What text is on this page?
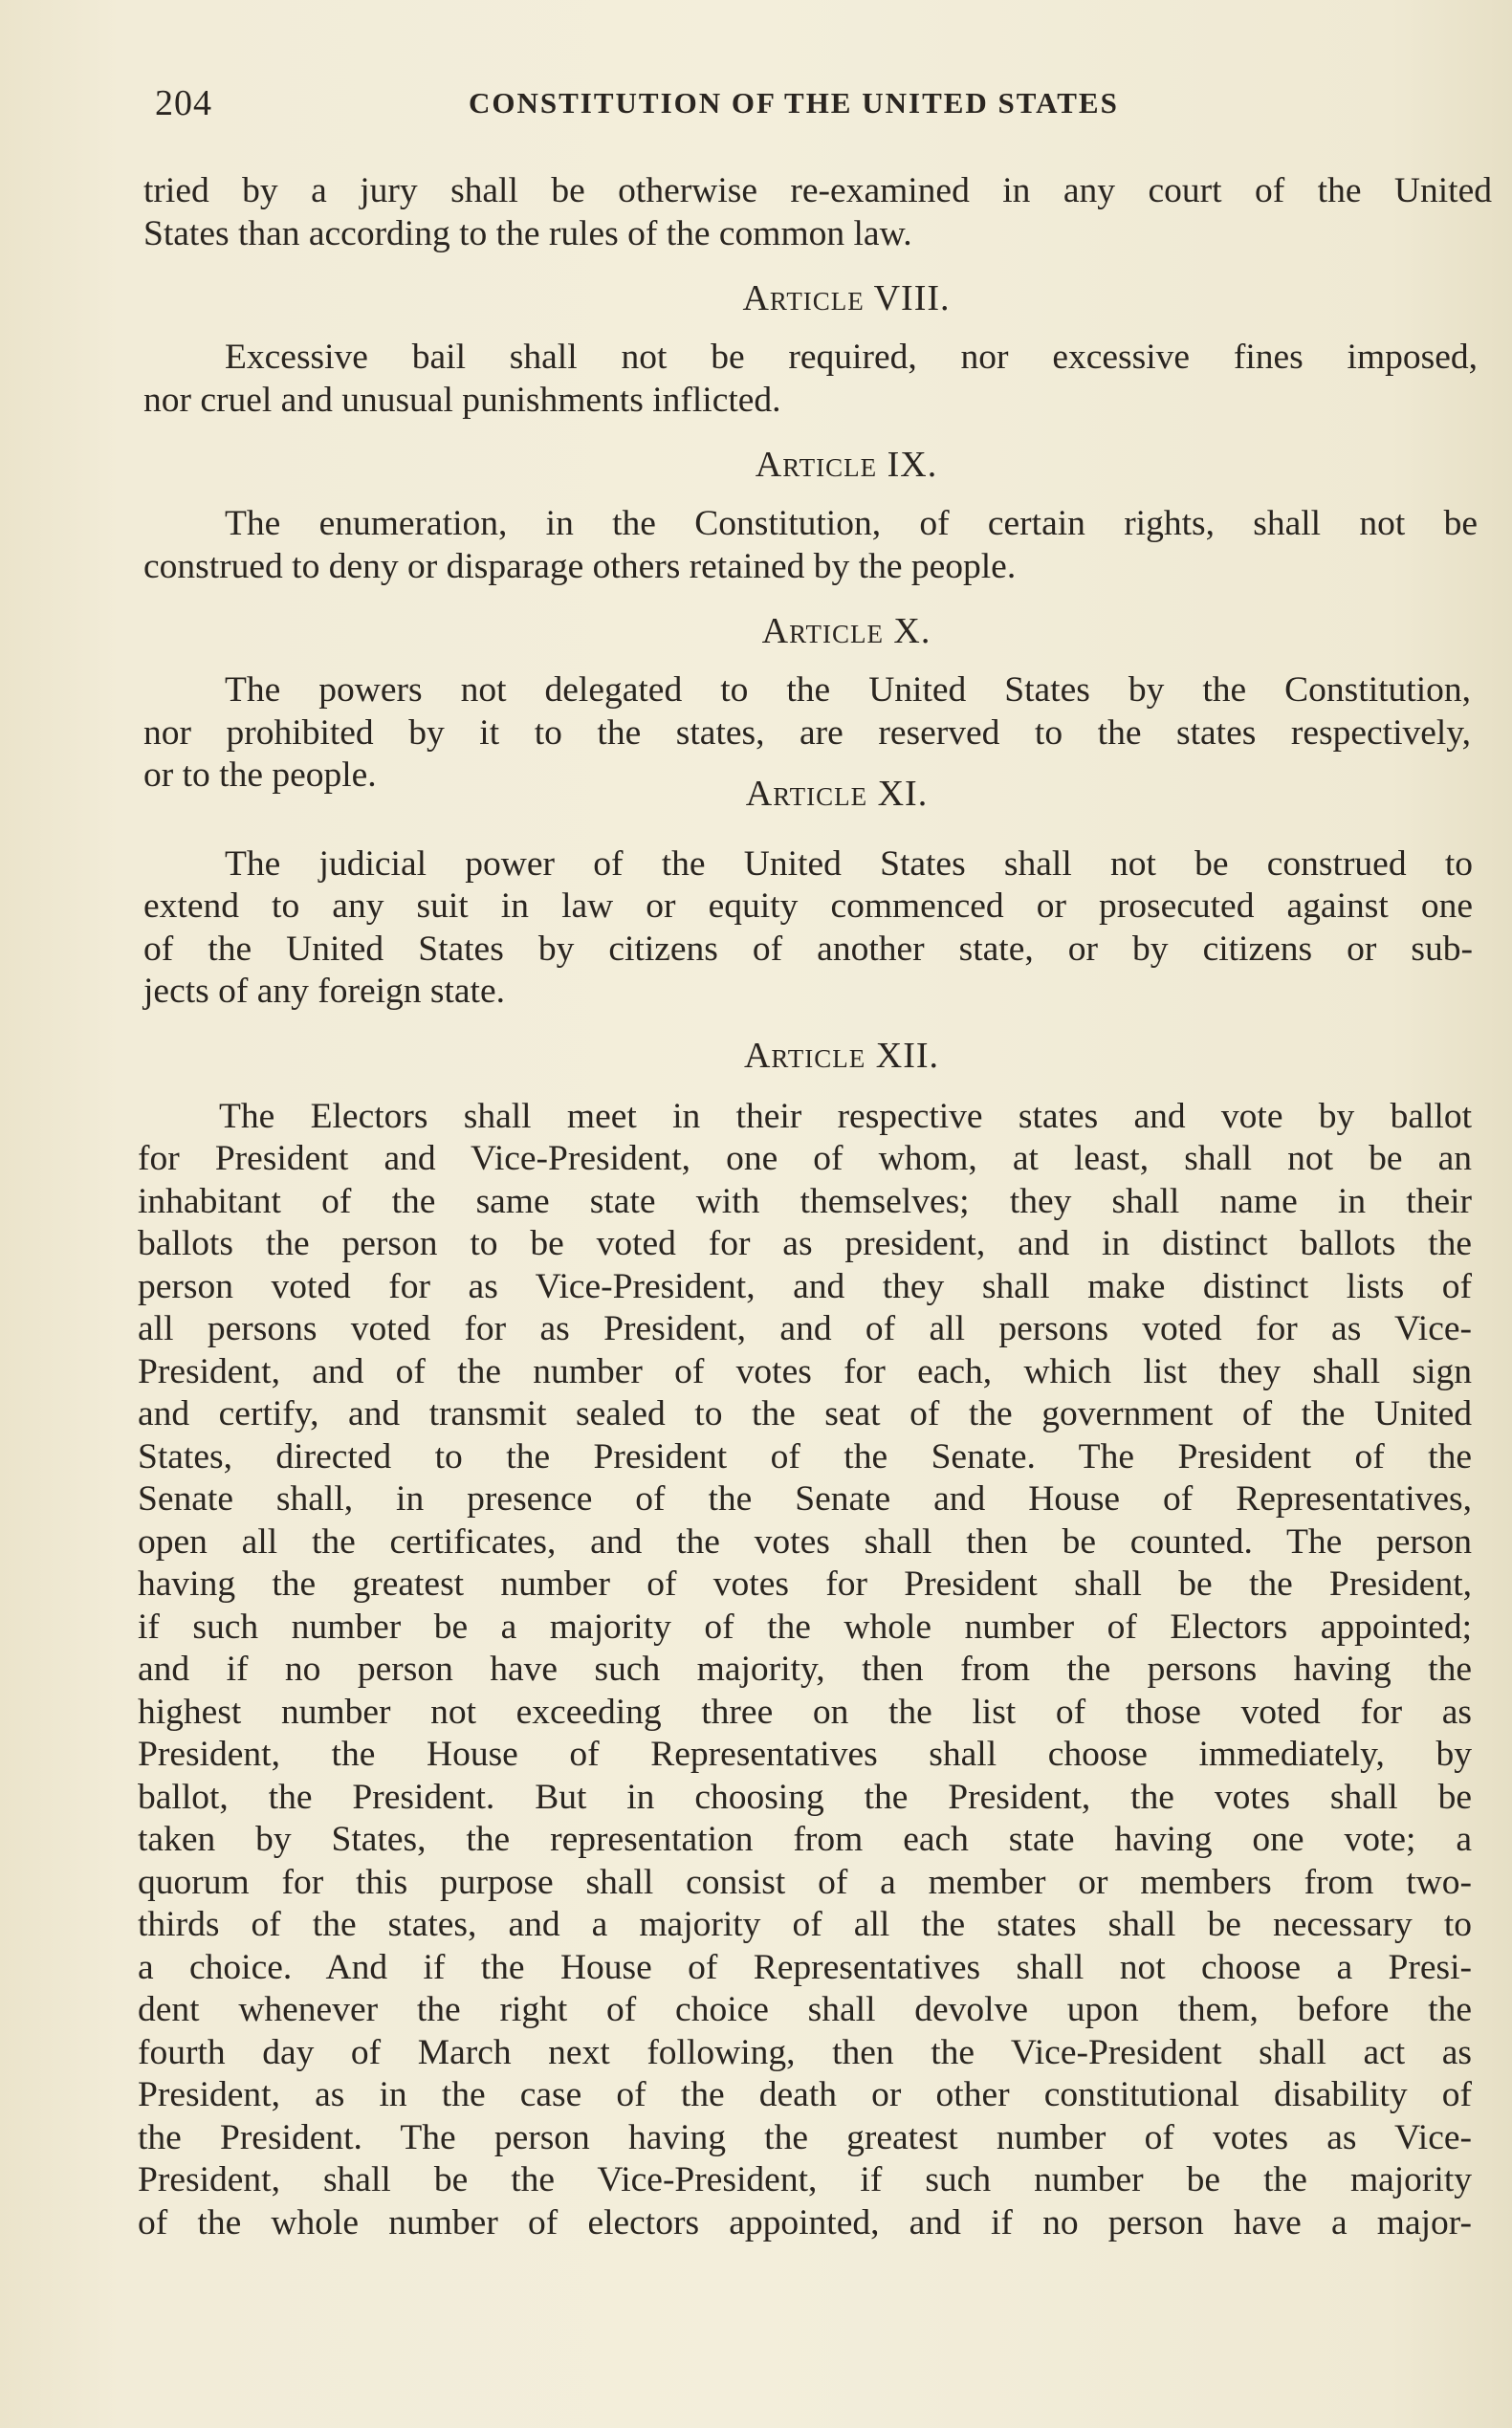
204	CONSTITUTION OF THE UNITED STATES
tried by a jury shall be otherwise re-examined in any court of the United
States than according to the rules of the common law.
Article VIII.
Excessive bail shall not be required, nor excessive fines imposed,
nor cruel and unusual punishments inflicted.
Article IX.
The enumeration, in the Constitution, of certain rights, shall not be
construed to deny or disparage others retained by the people.
Article X.
The powers not delegated to the United States by the Constitution,
nor prohibited by it to the states, are reserved to the states respectively,
or to the people.	Article XI.
The judicial power of the United States shall not be construed to
extend to any suit in law or equity commenced or prosecuted against one
of the United States by citizens of another state, or by citizens or sub-
jects of any foreign state.
Article XII.
The Electors shall meet in their respective states and vote by ballot
for President and Vice-President, one of whom, at least, shall not be an
inhabitant of the same state with themselves; they shall name in their
ballots the person to be voted for as president, and in distinct ballots the
person voted for as Vice-President, and they shall make distinct lists of
all persons voted for as President, and of all persons voted for as Vice-
President, and of the number of votes for each, which list they shall sign
and certify, and transmit sealed to the seat of the government of the United
States, directed to the President of the Senate. The President of the
Senate shall, in presence of the Senate and House of Representatives,
open all the certificates, and the votes shall then be counted. The person
having the greatest number of votes for President shall be the President,
if such number be a majority of the whole number of Electors appointed;
and if no person have such majority, then from the persons having the
highest number not exceeding three on the list of those voted for as
President, the House of Representatives shall choose immediately, by
ballot, the President. But in choosing the President, the votes shall be
taken by States, the representation from each state having one vote; a
quorum for this purpose shall consist of a member or members from two-
thirds of the states, and a majority of all the states shall be necessary to
a choice. And if the House of Representatives shall not choose a Presi-
dent whenever the right of choice shall devolve upon them, before the
fourth day of March next following, then the Vice-President shall act as
President, as in the case of the death or other constitutional disability of
the President. The person having the greatest number of votes as Vice-
President, shall be the Vice-President, if such number be the majority
of the whole number of electors appointed, and if no person have a major-
